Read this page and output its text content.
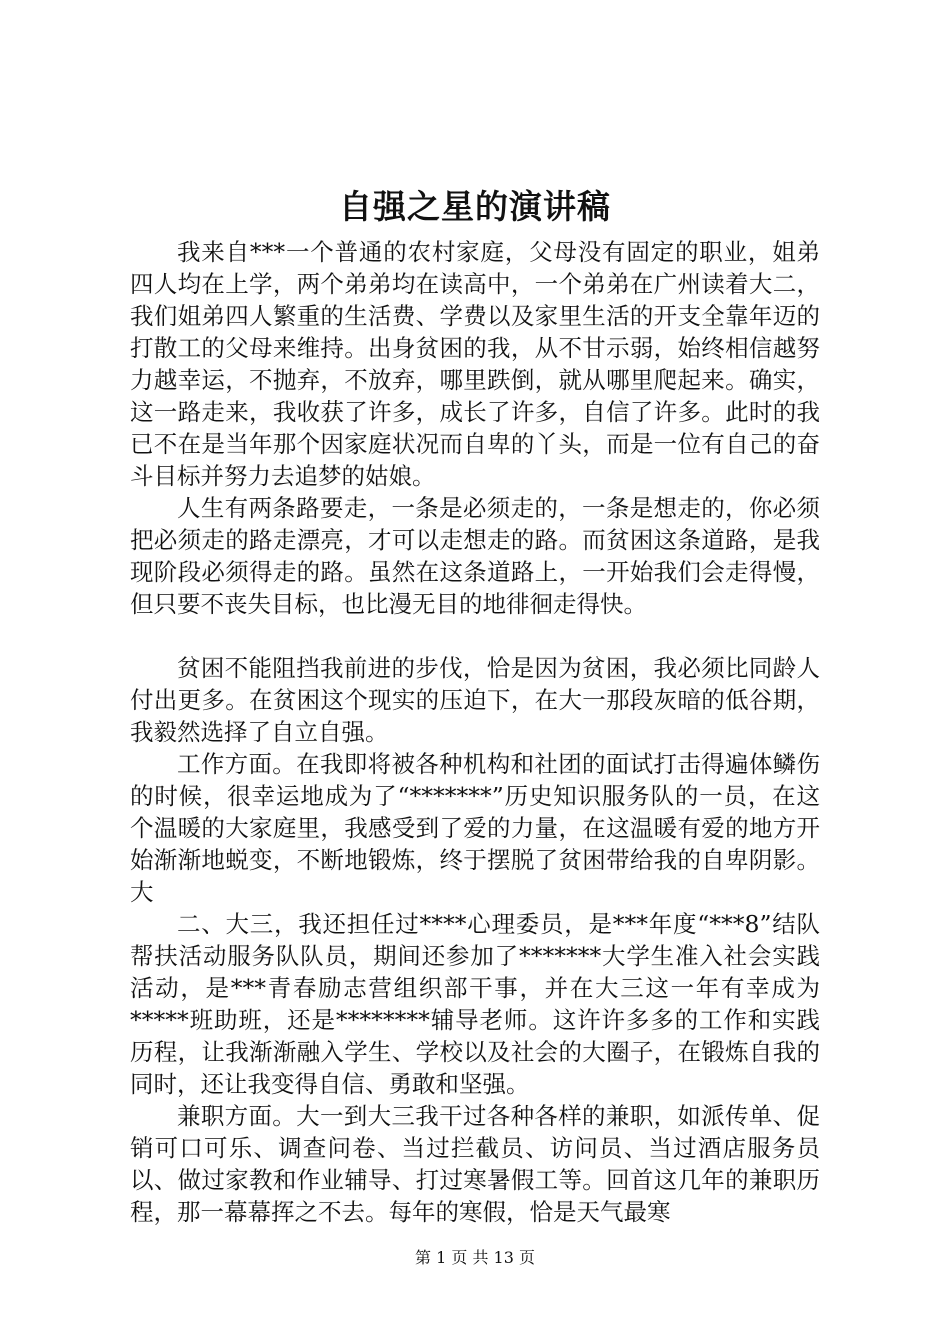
自强之星的演讲稿

我来自***一个普通的农村家庭，父母没有固定的职业，姐弟四人均在上学，两个弟弟均在读高中，一个弟弟在广州读着大二，我们姐弟四人繁重的生活费、学费以及家里生活的开支全靠年迈的打散工的父母来维持。出身贫困的我，从不甘示弱，始终相信越努力越幸运，不抛弃，不放弃，哪里跌倒，就从哪里爬起来。确实，这一路走来，我收获了许多，成长了许多，自信了许多。此时的我已不在是当年那个因家庭状况而自卑的丫头，而是一位有自己的奋斗目标并努力去追梦的姑娘。

人生有两条路要走，一条是必须走的，一条是想走的，你必须把必须走的路走漂亮，才可以走想走的路。而贫困这条道路，是我现阶段必须得走的路。虽然在这条道路上，一开始我们会走得慢，但只要不丧失目标，也比漫无目的地徘徊走得快。

贫困不能阻挡我前进的步伐，恰是因为贫困，我必须比同龄人付出更多。在贫困这个现实的压迫下，在大一那段灰暗的低谷期，我毅然选择了自立自强。

工作方面。在我即将被各种机构和社团的面试打击得遍体鳞伤的时候，很幸运地成为了“*******”历史知识服务队的一员，在这个温暖的大家庭里，我感受到了爱的力量，在这温暖有爱的地方开始渐渐地蜕变，不断地锻炼，终于摆脱了贫困带给我的自卑阴影。大

二、大三，我还担任过****心理委员，是***年度“***8”结队帮扶活动服务队队员，期间还参加了*******大学生准入社会实践活动，是***青春励志营组织部干事，并在大三这一年有幸成为*****班助班，还是********辅导老师。这许许多多的工作和实践历程，让我渐渐融入学生、学校以及社会的大圈子，在锻炼自我的同时，还让我变得自信、勇敢和坚强。

兼职方面。大一到大三我干过各种各样的兼职，如派传单、促销可口可乐、调查问卷、当过拦截员、访问员、当过酒店服务员以、做过家教和作业辅导、打过寒暑假工等。回首这几年的兼职历程，那一幕幕挥之不去。每年的寒假，恰是天气最寒

第 1 页 共 13 页
